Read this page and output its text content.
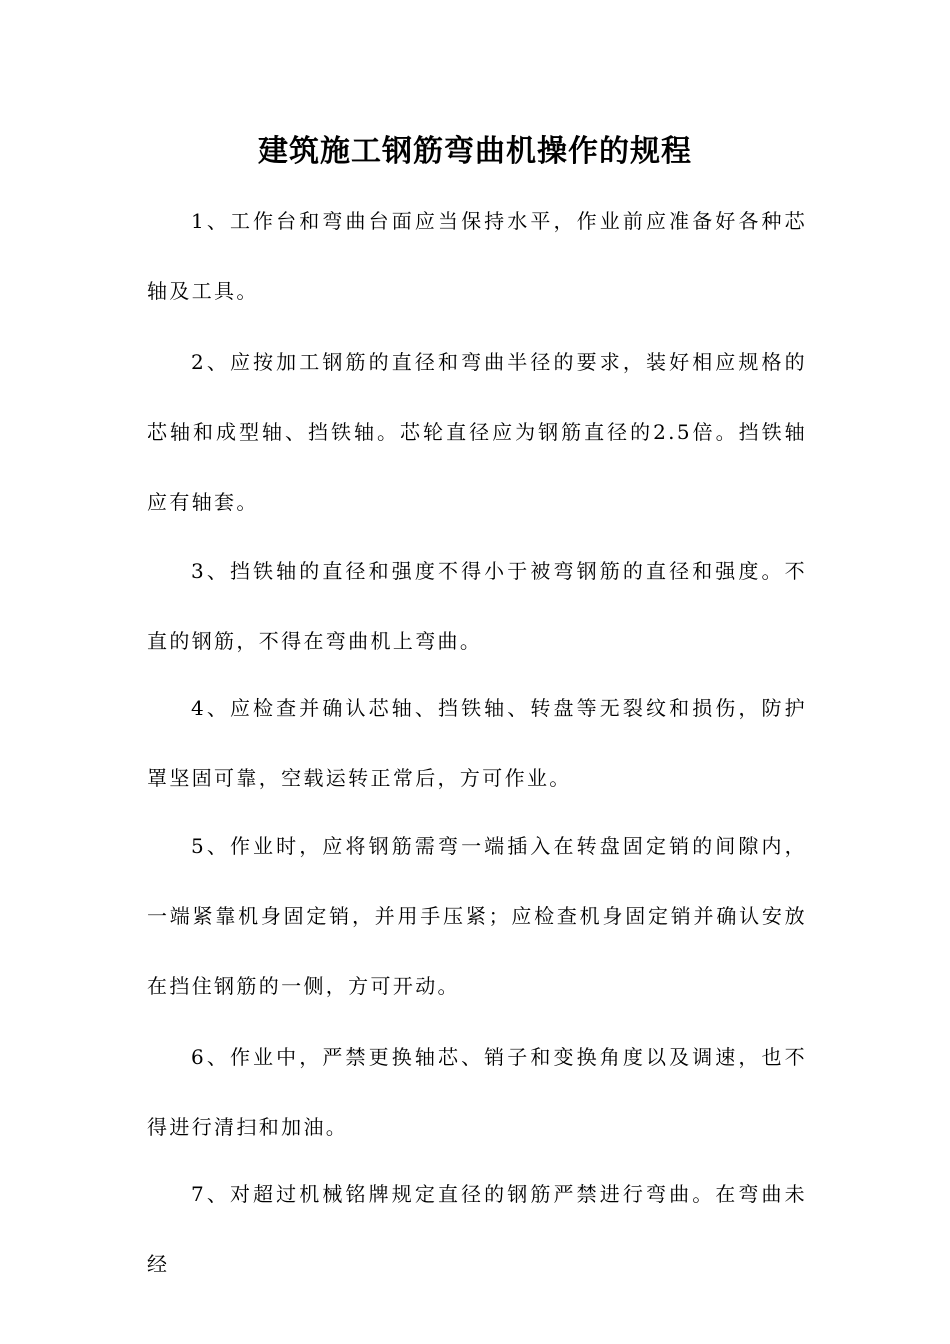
建筑施工钢筋弯曲机操作的规程

1、工作台和弯曲台面应当保持水平，作业前应准备好各种芯轴及工具。

2、应按加工钢筋的直径和弯曲半径的要求，装好相应规格的芯轴和成型轴、挡铁轴。芯轮直径应为钢筋直径的2.5倍。挡铁轴应有轴套。

3、挡铁轴的直径和强度不得小于被弯钢筋的直径和强度。不直的钢筋，不得在弯曲机上弯曲。

4、应检查并确认芯轴、挡铁轴、转盘等无裂纹和损伤，防护罩坚固可靠，空载运转正常后，方可作业。

5、作业时，应将钢筋需弯一端插入在转盘固定销的间隙内，一端紧靠机身固定销，并用手压紧；应检查机身固定销并确认安放在挡住钢筋的一侧，方可开动。

6、作业中，严禁更换轴芯、销子和变换角度以及调速，也不得进行清扫和加油。

7、对超过机械铭牌规定直径的钢筋严禁进行弯曲。在弯曲未经
